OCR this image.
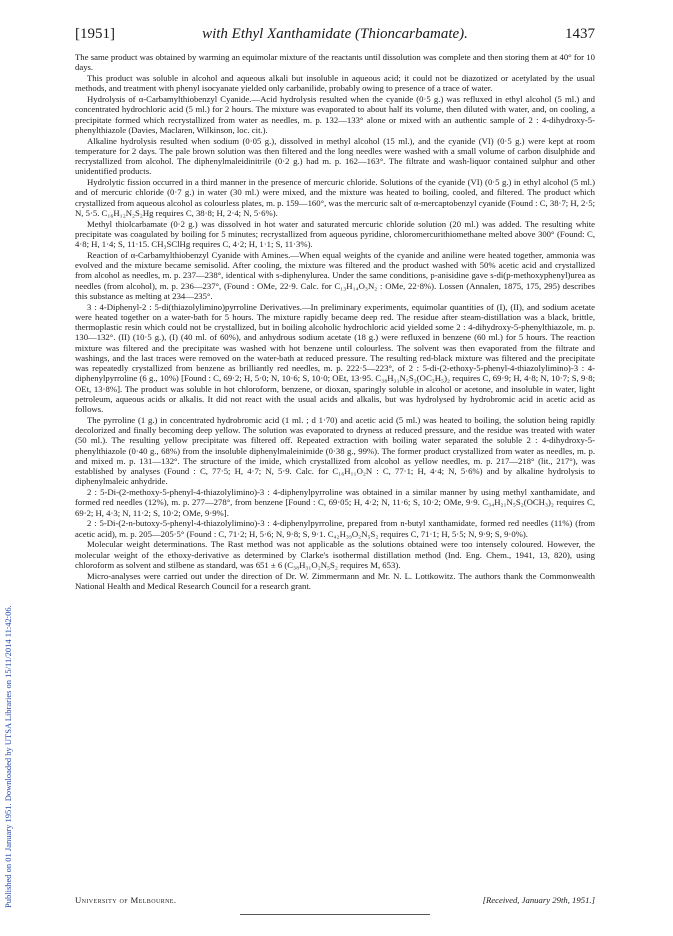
[1951]	with Ethyl Xanthamidate (Thioncarbamate).	1437
Published on 01 January 1951. Downloaded by UTSA Libraries on 15/11/2014 11:42:06.

The same product was obtained by warming an equimolar mixture of the reactants until dissolution was complete and then storing them at 40° for 10 days.

This product was soluble in alcohol and aqueous alkali but insoluble in aqueous acid; it could not be diazotized or acetylated by the usual methods, and treatment with phenyl isocyanate yielded only carbanilide, probably owing to presence of a trace of water.

Hydrolysis of α-Carbamylthiobenzyl Cyanide.—Acid hydrolysis resulted when the cyanide (0·5 g.) was refluxed in ethyl alcohol (5 ml.) and concentrated hydrochloric acid (5 ml.) for 2 hours. The mixture was evaporated to about half its volume, then diluted with water, and, on cooling, a precipitate formed which recrystallized from water as needles, m. p. 132—133° alone or mixed with an authentic sample of 2 : 4-dihydroxy-5-phenylthiazole (Davies, Maclaren, Wilkinson, loc. cit.).

Alkaline hydrolysis resulted when sodium (0·05 g.), dissolved in methyl alcohol (15 ml.), and the cyanide (VI) (0·5 g.) were kept at room temperature for 2 days. The pale brown solution was then filtered and the long needles were washed with a small volume of carbon disulphide and recrystallized from alcohol. The diphenylmaleidinitrile (0·2 g.) had m. p. 162—163°. The filtrate and wash-liquor contained sulphur and other unidentified products.

Hydrolytic fission occurred in a third manner in the presence of mercuric chloride. Solutions of the cyanide (VI) (0·5 g.) in ethyl alcohol (5 ml.) and of mercuric chloride (0·7 g.) in water (30 ml.) were mixed, and the mixture was heated to boiling, cooled, and filtered. The product which crystallized from aqueous alcohol as colourless plates, m. p. 159—160°, was the mercuric salt of α-mercaptobenzyl cyanide (Found : C, 38·7; H, 2·5; N, 5·5. C₁₆H₁₂N₂S₂Hg requires C, 38·8; H, 2·4; N, 5·6%).

Methyl thiolcarbamate (0·2 g.) was dissolved in hot water and saturated mercuric chloride solution (20 ml.) was added. The resulting white precipitate was coagulated by boiling for 5 minutes; recrystallized from aqueous pyridine, chloromercurithiomethane melted above 300° (Found: C, 4·8; H, 1·4; S, 11·15. CH₃SClHg requires C, 4·2; H, 1·1; S, 11·3%).

Reaction of α-Carbamylthiobenzyl Cyanide with Amines.—When equal weights of the cyanide and aniline were heated together, ammonia was evolved and the mixture became semisolid. After cooling, the mixture was filtered and the product washed with 50% acetic acid and crystallized from alcohol as needles, m. p. 237—238°, identical with s-diphenylurea. Under the same conditions, p-anisidine gave s-di(p-methoxyphenyl)urea as needles (from alcohol), m. p. 236—237°, (Found : OMe, 22·9. Calc. for C₁₃H₁₄O₃N₂ : OMe, 22·8%). Lossen (Annalen, 1875, 175, 295) describes this substance as melting at 234—235°.

3 : 4-Diphenyl-2 : 5-di(thiazolylimino)pyrroline Derivatives.—In preliminary experiments, equimolar quantities of (I), (II), and sodium acetate were heated together on a water-bath for 5 hours. The mixture rapidly became deep red. The residue after steam-distillation was a black, brittle, thermoplastic resin which could not be crystallized, but in boiling alcoholic hydrochloric acid yielded some 2 : 4-dihydroxy-5-phenylthiazole, m. p. 130—132°. (II) (10·5 g.), (I) (40 ml. of 60%), and anhydrous sodium acetate (18 g.) were refluxed in benzene (60 ml.) for 5 hours. The reaction mixture was filtered and the precipitate was washed with hot benzene until colourless. The solvent was then evaporated from the filtrate and washings, and the last traces were removed on the water-bath at reduced pressure. The resulting red-black mixture was filtered and the precipitate was repeatedly crystallized from benzene as brilliantly red needles, m. p. 222·5—223°, of 2 : 5-di-(2-ethoxy-5-phenyl-4-thiazolylimino)-3 : 4-diphenylpyrroline (6 g., 10%) [Found : C, 69·2; H, 5·0; N, 10·6; S, 10·0; OEt, 13·95. C₃₈H₃₁N₅S₂(OC₂H₅)₂ requires C, 69·9; H, 4·8; N, 10·7; S, 9·8; OEt, 13·8%]. The product was soluble in hot chloroform, benzene, or dioxan, sparingly soluble in alcohol or acetone, and insoluble in water, light petroleum, aqueous acids or alkalis. It did not react with the usual acids and alkalis, but was hydrolysed by hydrobromic acid in acetic acid as follows.

The pyrroline (1 g.) in concentrated hydrobromic acid (1 ml. ; d 1·70) and acetic acid (5 ml.) was heated to boiling, the solution being rapidly decolorized and finally becoming deep yellow. The solution was evaporated to dryness at reduced pressure, and the residue was treated with water (50 ml.). The resulting yellow precipitate was filtered off. Repeated extraction with boiling water separated the soluble 2 : 4-dihydroxy-5-phenylthiazole (0·40 g., 68%) from the insoluble diphenylmaleinimide (0·38 g., 99%). The former product crystallized from water as needles, m. p. and mixed m. p. 131—132°. The structure of the imide, which crystallized from alcohol as yellow needles, m. p. 217—218° (lit., 217°), was established by analyses (Found : C, 77·5; H, 4·7; N, 5·9. Calc. for C₁₆H₁₁O₂N : C, 77·1; H, 4·4; N, 5·6%) and by alkaline hydrolysis to diphenylmaleic anhydride.

2 : 5-Di-(2-methoxy-5-phenyl-4-thiazolylimino)-3 : 4-diphenylpyrroline was obtained in a similar manner by using methyl xanthamidate, and formed red needles (12%), m. p. 277—278°, from benzene [Found : C, 69·05; H, 4·2; N, 11·6; S, 10·2; OMe, 9·9. C₃₄H₂₁N₅S₂(OCH₃)₂ requires C, 69·2; H, 4·3; N, 11·2; S, 10·2; OMe, 9·9%].

2 : 5-Di-(2-n-butoxy-5-phenyl-4-thiazolylimino)-3 : 4-diphenylpyrroline, prepared from n-butyl xanthamidate, formed red needles (11%) (from acetic acid), m. p. 205—205·5° (Found : C, 71·2; H, 5·6; N, 9·8; S, 9·1. C₄₂H₃₉O₂N₅S₂ requires C, 71·1; H, 5·5; N, 9·9; S, 9·0%).

Molecular weight determinations. The Rast method was not applicable as the solutions obtained were too intensely coloured. However, the molecular weight of the ethoxy-derivative as determined by Clarke's isothermal distillation method (Ind. Eng. Chem., 1941, 13, 820), using chloroform as solvent and stilbene as standard, was 651 ± 6 (C₃₈H₃₁O₂N₅S₂ requires M, 653).

Micro-analyses were carried out under the direction of Dr. W. Zimmermann and Mr. N. L. Lottkowitz. The authors thank the Commonwealth National Health and Medical Research Council for a research grant.

University of Melbourne.	[Received, January 29th, 1951.]
